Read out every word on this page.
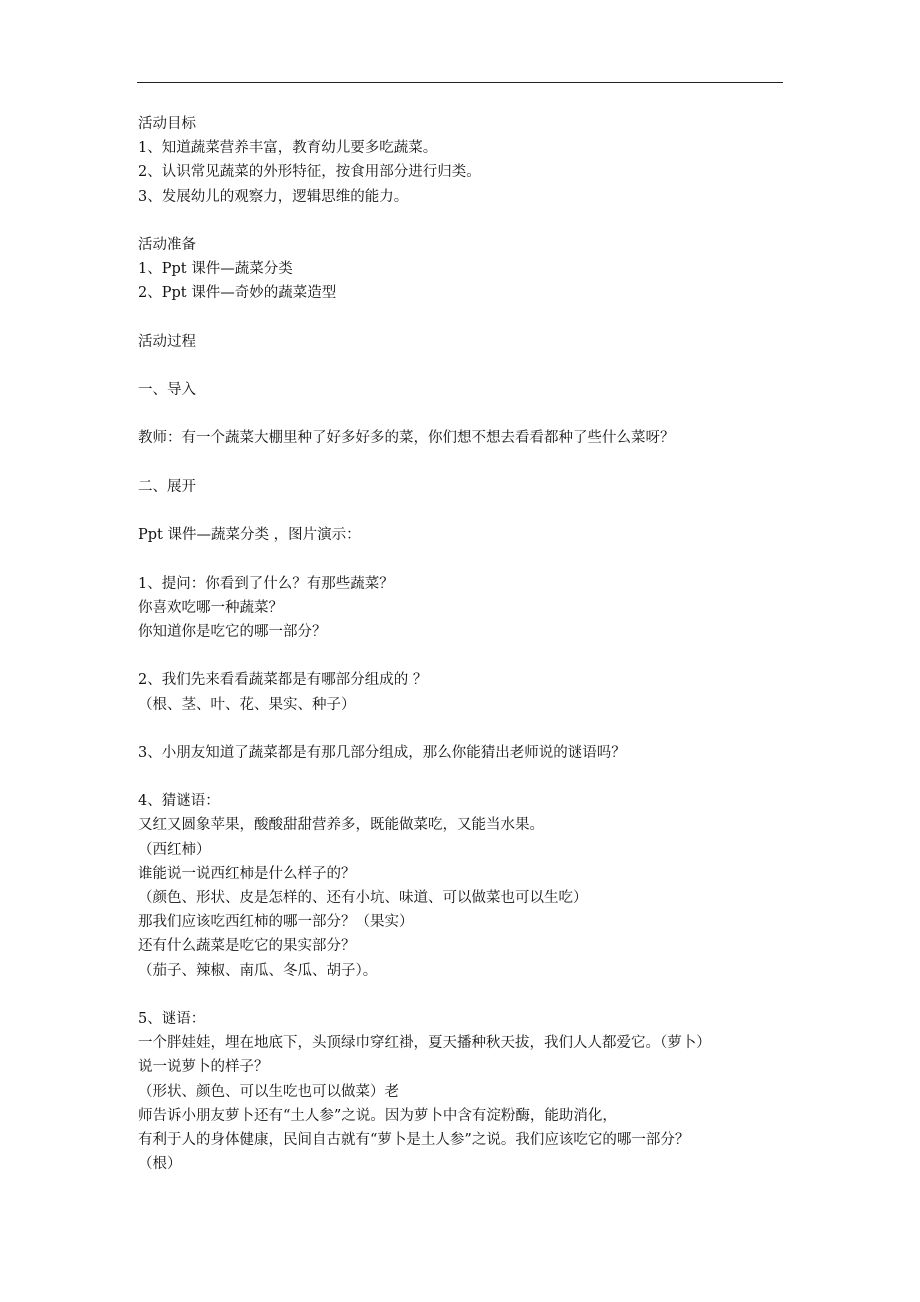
活动目标
1、知道蔬菜营养丰富，教育幼儿要多吃蔬菜。
2、认识常见蔬菜的外形特征，按食用部分进行归类。
3、发展幼儿的观察力，逻辑思维的能力。
活动准备
1、Ppt 课件—蔬菜分类
2、Ppt 课件—奇妙的蔬菜造型
活动过程
一、导入
教师：有一个蔬菜大棚里种了好多好多的菜，你们想不想去看看都种了些什么菜呀？
二、展开
Ppt 课件—蔬菜分类 ，图片演示：
1、提问：你看到了什么？有那些蔬菜？
你喜欢吃哪一种蔬菜？
你知道你是吃它的哪一部分？
2、我们先来看看蔬菜都是有哪部分组成的 ？
（根、茎、叶、花、果实、种子）
3、小朋友知道了蔬菜都是有那几部分组成，那么你能猜出老师说的谜语吗？
4、猜谜语：
又红又圆象苹果，酸酸甜甜营养多，既能做菜吃，又能当水果。
（西红柿）
谁能说一说西红柿是什么样子的？
（颜色、形状、皮是怎样的、还有小坑、味道、可以做菜也可以生吃）
那我们应该吃西红柿的哪一部分？（果实）
还有什么蔬菜是吃它的果实部分？
（茄子、辣椒、南瓜、冬瓜、胡子）。
5、谜语：
一个胖娃娃，埋在地底下，头顶绿巾穿红褂，夏天播种秋天拔，我们人人都爱它。（萝卜）
说一说萝卜的样子？
（形状、颜色、可以生吃也可以做菜）老
师告诉小朋友萝卜还有“土人参”之说。因为萝卜中含有淀粉酶，能助消化，
有利于人的身体健康，民间自古就有“萝卜是土人参”之说。我们应该吃它的哪一部分？
（根）
